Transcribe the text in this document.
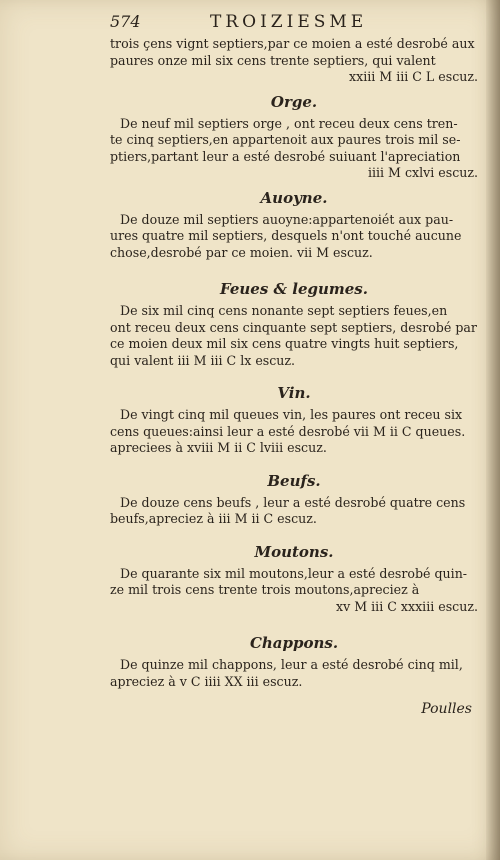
574	TROIZIESME
trois çens vignt septiers,par ce moien a esté desrobé aux
paures onze mil six cens trente septiers, qui valent
xxiii M iii C L escuz.
Orge.
De neuf mil septiers orge , ont receu deux cens tren-
te cinq septiers,en appartenoit aux paures trois mil se-
ptiers,partant leur a esté desrobé suiuant l'apreciation
iiii M cxlvi escuz.
Auoyne.
De douze mil septiers auoyne:appartenoiét aux pau-
ures quatre mil septiers, desquels n'ont touché aucune
chose,desrobé par ce moien. vii M escuz.
Feues & legumes.
De six mil cinq cens nonante sept septiers feues,en
ont receu deux cens cinquante sept septiers, desrobé par
ce moien deux mil six cens quatre vingts huit septiers,
qui valent iii M iii C lx escuz.
Vin.
De vingt cinq mil queues vin, les paures ont receu six
cens queues:ainsi leur a esté desrobé vii M ii C queues.
apreciees à xviii M ii C lviii escuz.
Beufs.
De douze cens beufs , leur a esté desrobé quatre cens
beufs,apreciez à iii M ii C escuz.
Moutons.
De quarante six mil moutons,leur a esté desrobé quin-
ze mil trois cens trente trois moutons,apreciez à
xv M iii C xxxiii escuz.
Chappons.
De quinze mil chappons, leur a esté desrobé cinq mil,
apreciez à v C iiii XX iii escuz.
Poulles
